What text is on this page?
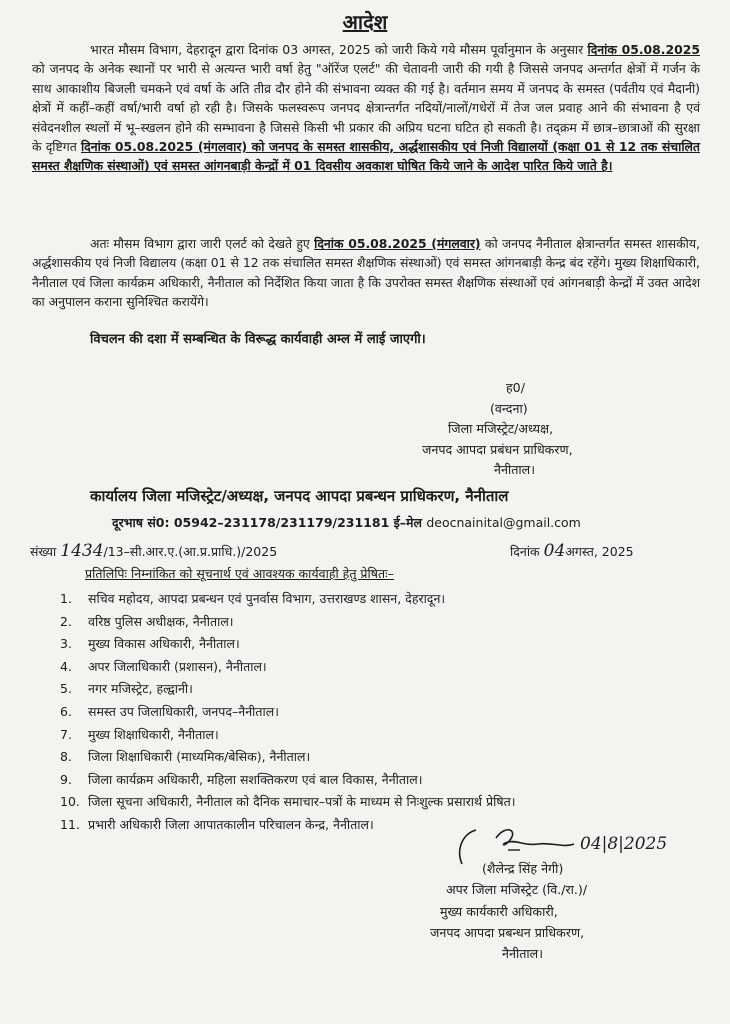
आदेश
भारत मौसम विभाग, देहरादून द्वारा दिनांक 03 अगस्त, 2025 को जारी किये गये मौसम पूर्वानुमान के अनुसार दिनांक 05.08.2025 को जनपद के अनेक स्थानों पर भारी से अत्यन्त भारी वर्षा हेतु "ऑरेंज एलर्ट" की चेतावनी जारी की गयी है जिससे जनपद अन्तर्गत क्षेत्रों में गर्जन के साथ आकाशीय बिजली चमकने एवं वर्षा के अति तीव्र दौर होने की संभावना व्यक्त की गई है। वर्तमान समय में जनपद के समस्त (पर्वतीय एवं मैदानी) क्षेत्रों में कहीं–कहीं वर्षा/भारी वर्षा हो रही है। जिसके फलस्वरूप जनपद क्षेत्रान्तर्गत नदियों/नालों/गधेरों में तेज जल प्रवाह आने की संभावना है एवं संवेदनशील स्थलों में भू–स्खलन होने की सम्भावना है जिससे किसी भी प्रकार की अप्रिय घटना घटित हो सकती है। तद्क्रम में छात्र–छात्राओं की सुरक्षा के दृष्टिगत दिनांक 05.08.2025 (मंगलवार) को जनपद के समस्त शासकीय, अर्द्धशासकीय एवं निजी विद्यालयों (कक्षा 01 से 12 तक संचालित समस्त शैक्षणिक संस्थाओं) एवं समस्त आंगनबाड़ी केन्द्रों में 01 दिवसीय अवकाश घोषित किये जाने के आदेश पारित किये जाते है।
अतः मौसम विभाग द्वारा जारी एलर्ट को देखते हुए दिनांक 05.08.2025 (मंगलवार) को जनपद नैनीताल क्षेत्रान्तर्गत समस्त शासकीय, अर्द्धशासकीय एवं निजी विद्यालय (कक्षा 01 से 12 तक संचालित समस्त शैक्षणिक संस्थाओं) एवं समस्त आंगनबाड़ी केन्द्र बंद रहेंगे। मुख्य शिक्षाधिकारी, नैनीताल एवं जिला कार्यक्रम अधिकारी, नैनीताल को निर्देशित किया जाता है कि उपरोक्त समस्त शैक्षणिक संस्थाओं एवं आंगनबाड़ी केन्द्रों में उक्त आदेश का अनुपालन कराना सुनिश्चित करायेंगे।
विचलन की दशा में सम्बन्धित के विरूद्ध कार्यवाही अम्ल में लाई जाएगी।
ह0/
(वन्दना)
जिला मजिस्ट्रेट/अध्यक्ष,
जनपद आपदा प्रबंधन प्राधिकरण,
नैनीताल।
कार्यालय जिला मजिस्ट्रेट/अध्यक्ष, जनपद आपदा प्रबन्धन प्राधिकरण, नैनीताल
दूरभाष सं0: 05942–231178/231179/231181 ई–मेल deocnainital@gmail.com
संख्या 1434/13–सी.आर.ए.(आ.प्र.प्राधि.)/2025	दिनांक 04अगस्त, 2025
प्रतिलिपिः निम्नांकित को सूचनार्थ एवं आवश्यक कार्यवाही हेतु प्रेषितः–
1. सचिव महोदय, आपदा प्रबन्धन एवं पुनर्वास विभाग, उत्तराखण्ड शासन, देहरादून।
2. वरिष्ठ पुलिस अधीक्षक, नैनीताल।
3. मुख्य विकास अधिकारी, नैनीताल।
4. अपर जिलाधिकारी (प्रशासन), नैनीताल।
5. नगर मजिस्ट्रेट, हल्द्वानी।
6. समस्त उप जिलाधिकारी, जनपद–नैनीताल।
7. मुख्य शिक्षाधिकारी, नैनीताल।
8. जिला शिक्षाधिकारी (माध्यमिक/बेसिक), नैनीताल।
9. जिला कार्यक्रम अधिकारी, महिला सशक्तिकरण एवं बाल विकास, नैनीताल।
10. जिला सूचना अधिकारी, नैनीताल को दैनिक समाचार–पत्रों के माध्यम से निःशुल्क प्रसारार्थ प्रेषित।
11. प्रभारी अधिकारी जिला आपातकालीन परिचालन केन्द्र, नैनीताल।
04|8|2025
(शैलेन्द्र सिंह नेगी)
अपर जिला मजिस्ट्रेट (वि./रा.)/
मुख्य कार्यकारी अधिकारी,
जनपद आपदा प्रबन्धन प्राधिकरण,
नैनीताल।
